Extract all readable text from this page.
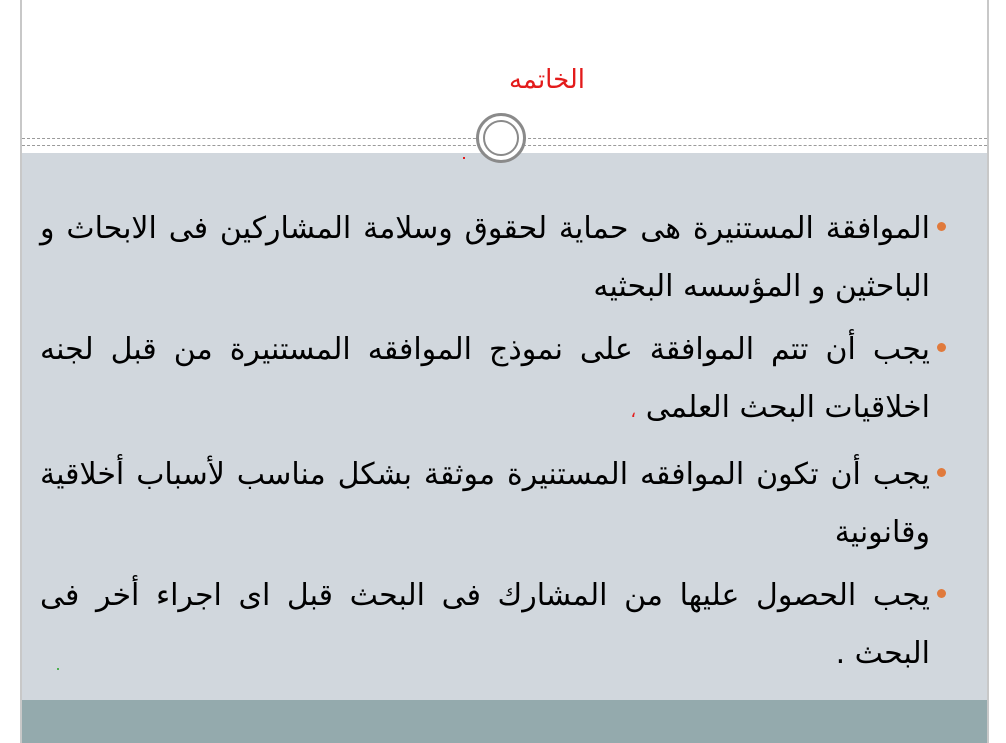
الخاتمه
الموافقة المستنيرة هى حماية لحقوق وسلامة المشاركين فى الابحاث و الباحثين و المؤسسه البحثيه
يجب أن تتم الموافقة على نموذج الموافقه المستنيرة من قبل لجنه اخلاقيات البحث العلمى ،
يجب أن تكون الموافقه المستنيرة موثقة بشكل مناسب لأسباب أخلاقية وقانونية
يجب الحصول عليها من المشارك فى البحث قبل اى اجراء أخر فى البحث .
